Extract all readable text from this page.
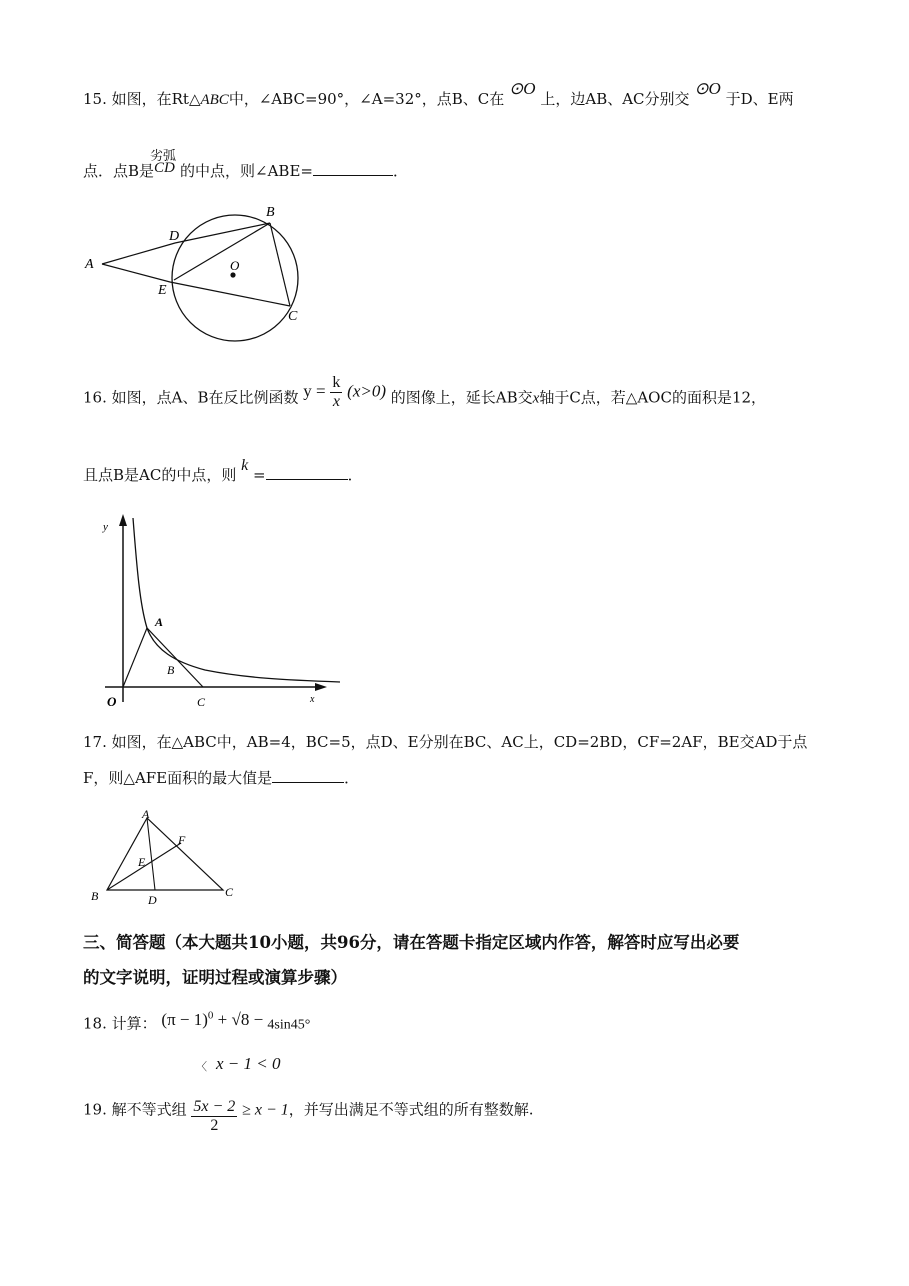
15. 如图，在Rt△ABC中，∠ABC=90°，∠A=32°，点B、C在 ⊙O 上，边AB、AC分别交 ⊙O 于D、E两
点．点B是
劣弧
CD 的中点，则∠ABE=	．
A
B
C
D
E
O
16. 如图，点A、B在反比例函数 $y = \frac{k}{x} (x>0)$ 的图像上，延长AB交x轴于C点，若△AOC的面积是12，
且点B是AC的中点，则 k =	．
y
x
O
A
B
C
17. 如图，在△ABC中，AB=4，BC=5，点D、E分别在BC、AC上，CD=2BD，CF=2AF，BE交AD于点
F，则△AFE面积的最大值是	．
A
B	C
D
E
F
三、简答题（本大题共10小题，共96分，请在答题卡指定区域内作答，解答时应写出必要
的文字说明，证明过程或演算步骤）
18. 计算： $(\pi - 1)^0 + √8 - 4\sin 45^\circ$
〈 x − 1 < 0
19. 解不等式组 $\frac{5x - 2}{2} \ge x - 1$，并写出满足不等式组的所有整数解.
